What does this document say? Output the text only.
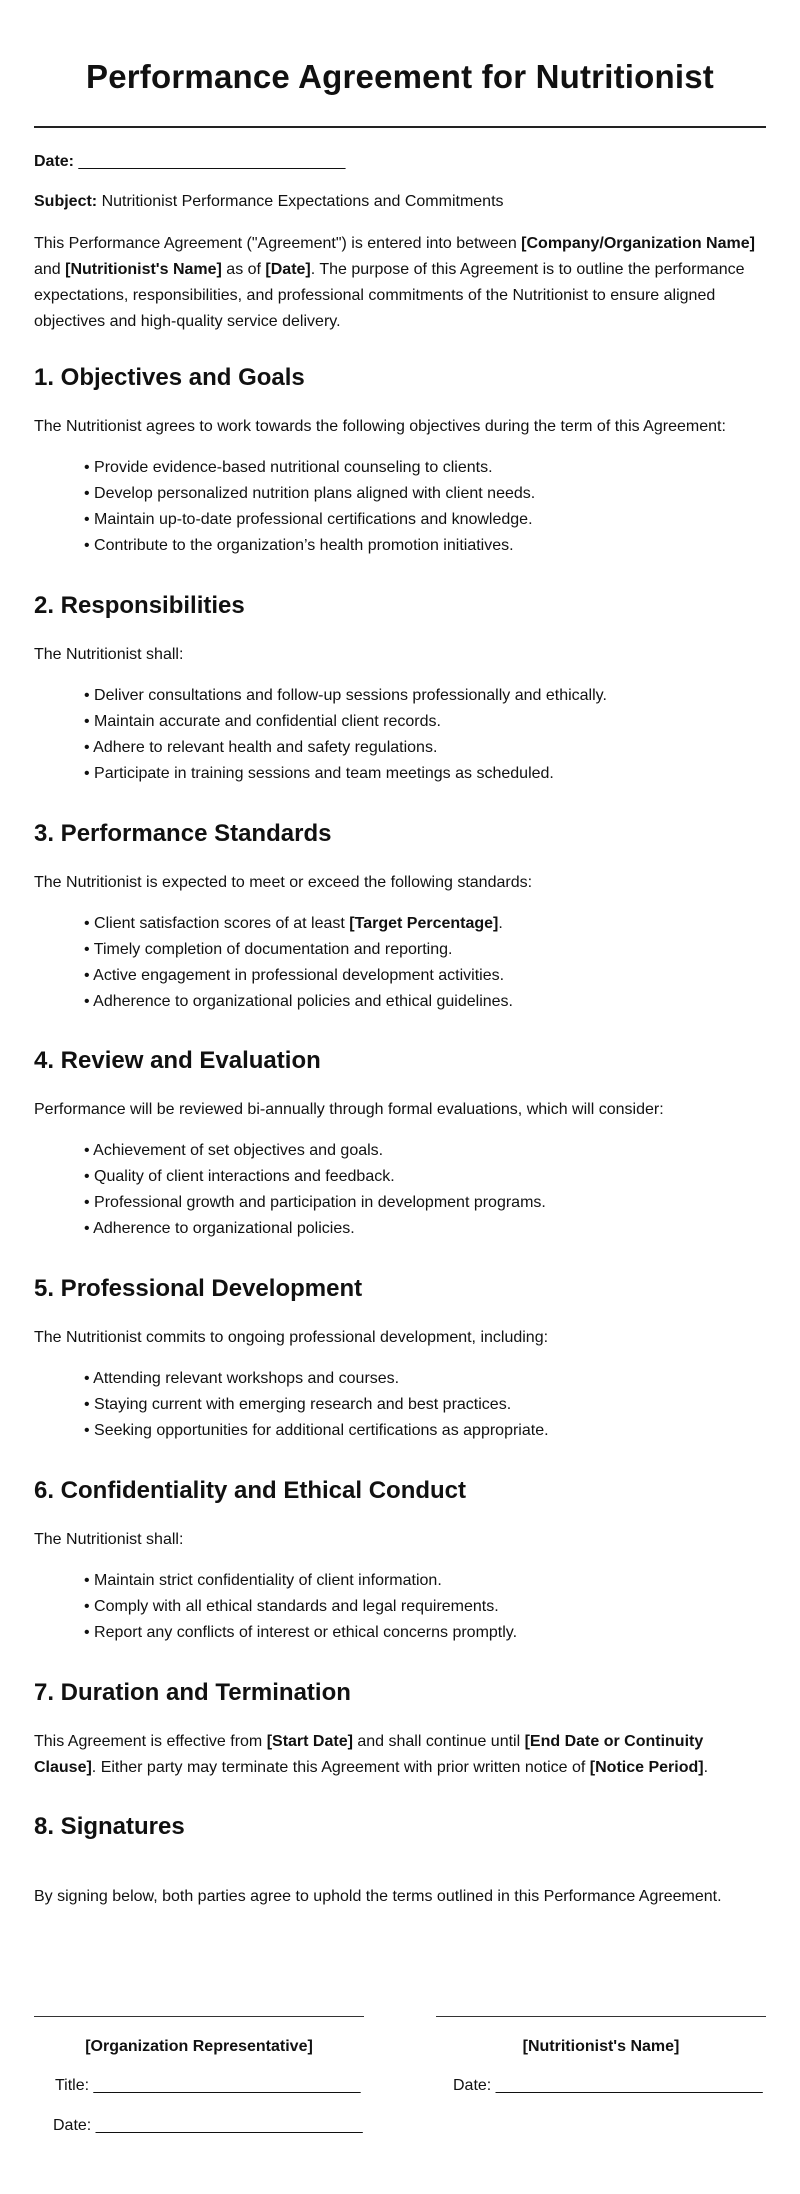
Performance Agreement for Nutritionist

Date: ______________________________

Subject: Nutritionist Performance Expectations and Commitments

This Performance Agreement ("Agreement") is entered into between [Company/Organization Name] and [Nutritionist's Name] as of [Date]. The purpose of this Agreement is to outline the performance expectations, responsibilities, and professional commitments of the Nutritionist to ensure aligned objectives and high-quality service delivery.

1. Objectives and Goals

The Nutritionist agrees to work towards the following objectives during the term of this Agreement:

• Provide evidence-based nutritional counseling to clients.
• Develop personalized nutrition plans aligned with client needs.
• Maintain up-to-date professional certifications and knowledge.
• Contribute to the organization’s health promotion initiatives.
2. Responsibilities

The Nutritionist shall:

• Deliver consultations and follow-up sessions professionally and ethically.
• Maintain accurate and confidential client records.
• Adhere to relevant health and safety regulations.
• Participate in training sessions and team meetings as scheduled.
3. Performance Standards

The Nutritionist is expected to meet or exceed the following standards:

• Client satisfaction scores of at least [Target Percentage].
• Timely completion of documentation and reporting.
• Active engagement in professional development activities.
• Adherence to organizational policies and ethical guidelines.
4. Review and Evaluation

Performance will be reviewed bi-annually through formal evaluations, which will consider:

• Achievement of set objectives and goals.
• Quality of client interactions and feedback.
• Professional growth and participation in development programs.
• Adherence to organizational policies.
5. Professional Development

The Nutritionist commits to ongoing professional development, including:

• Attending relevant workshops and courses.
• Staying current with emerging research and best practices.
• Seeking opportunities for additional certifications as appropriate.
6. Confidentiality and Ethical Conduct

The Nutritionist shall:

• Maintain strict confidentiality of client information.
• Comply with all ethical standards and legal requirements.
• Report any conflicts of interest or ethical concerns promptly.
7. Duration and Termination

This Agreement is effective from [Start Date] and shall continue until [End Date or Continuity Clause]. Either party may terminate this Agreement with prior written notice of [Notice Period].

8. Signatures

By signing below, both parties agree to uphold the terms outlined in this Performance Agreement.

[Organization Representative]	[Nutritionist's Name]
Title: ______________________________	Date: ______________________________
Date: ______________________________
